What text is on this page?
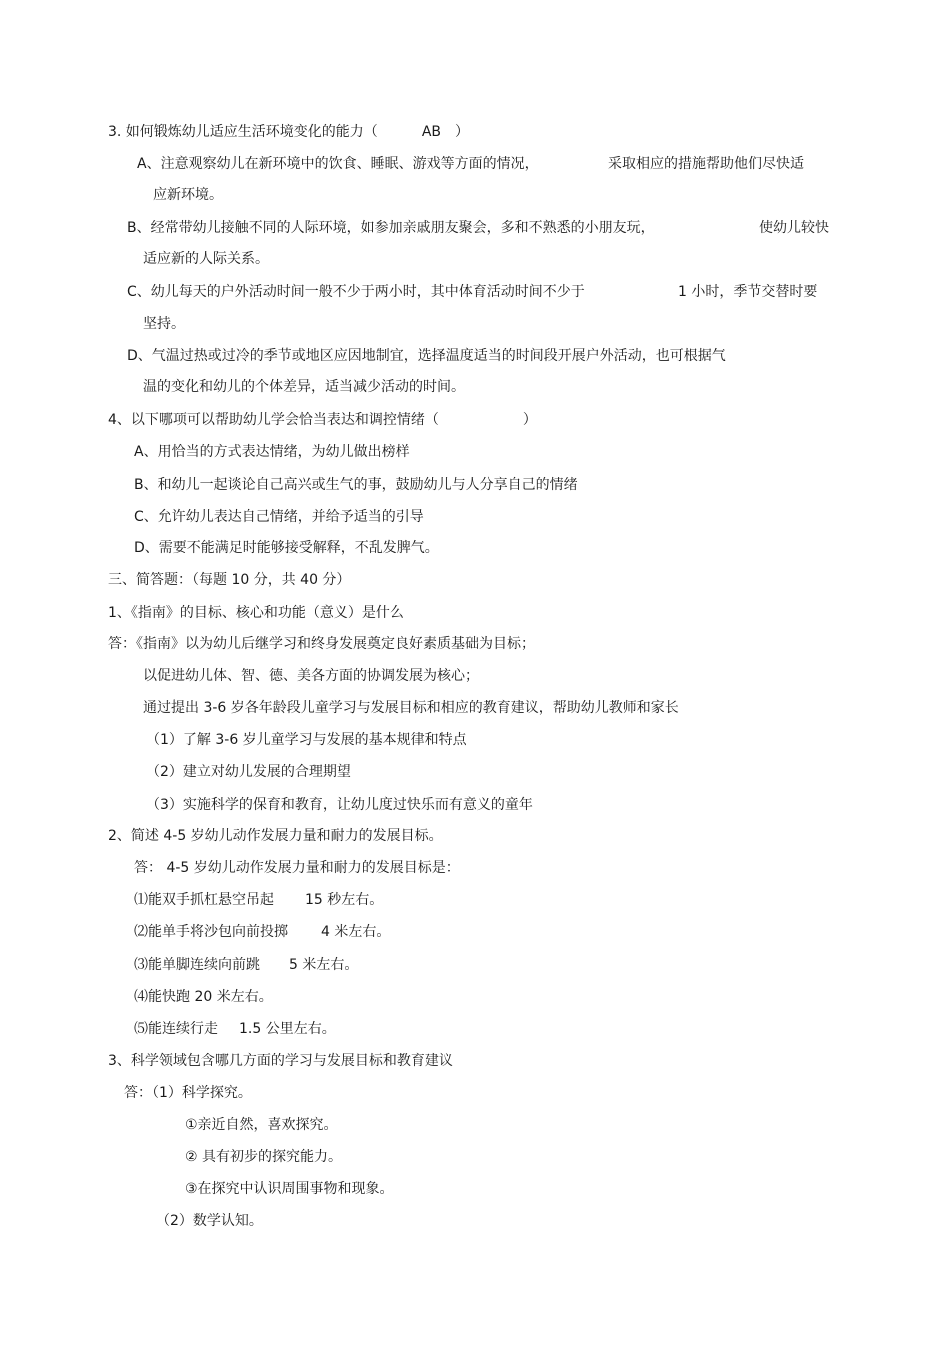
3. 如何锻炼幼儿适应生活环境变化的能力（	AB ）
A、注意观察幼儿在新环境中的饮食、睡眠、游戏等方面的情况，	采取相应的措施帮助他们尽快适
应新环境。
B、经常带幼儿接触不同的人际环境，如参加亲戚朋友聚会，多和不熟悉的小朋友玩，	使幼儿较快
适应新的人际关系。
C、幼儿每天的户外活动时间一般不少于两小时，其中体育活动时间不少于	1 小时，季节交替时要
坚持。
D、气温过热或过冷的季节或地区应因地制宜，选择温度适当的时间段开展户外活动，也可根据气
温的变化和幼儿的个体差异，适当减少活动的时间。
4、以下哪项可以帮助幼儿学会恰当表达和调控情绪（	）
A、用恰当的方式表达情绪，为幼儿做出榜样
B、和幼儿一起谈论自己高兴或生气的事，鼓励幼儿与人分享自己的情绪
C、允许幼儿表达自己情绪，并给予适当的引导
D、需要不能满足时能够接受解释，不乱发脾气。
三、简答题：（每题 10 分，共 40 分）
1、《指南》的目标、核心和功能（意义）是什么
答：《指南》以为幼儿后继学习和终身发展奠定良好素质基础为目标；
以促进幼儿体、智、德、美各方面的协调发展为核心；
通过提出 3-6 岁各年龄段儿童学习与发展目标和相应的教育建议，帮助幼儿教师和家长
（1）了解 3-6 岁儿童学习与发展的基本规律和特点
（2）建立对幼儿发展的合理期望
（3）实施科学的保育和教育，让幼儿度过快乐而有意义的童年
2、简述 4-5 岁幼儿动作发展力量和耐力的发展目标。
答： 4-5 岁幼儿动作发展力量和耐力的发展目标是：
⑴能双手抓杠悬空吊起 15 秒左右。
⑵能单手将沙包向前投掷 4 米左右。
⑶能单脚连续向前跳 5 米左右。
⑷能快跑 20 米左右。
⑸能连续行走 1.5 公里左右。
3、科学领域包含哪几方面的学习与发展目标和教育建议
答：（1）科学探究。
①亲近自然，喜欢探究。
② 具有初步的探究能力。
③在探究中认识周围事物和现象。
（2）数学认知。
